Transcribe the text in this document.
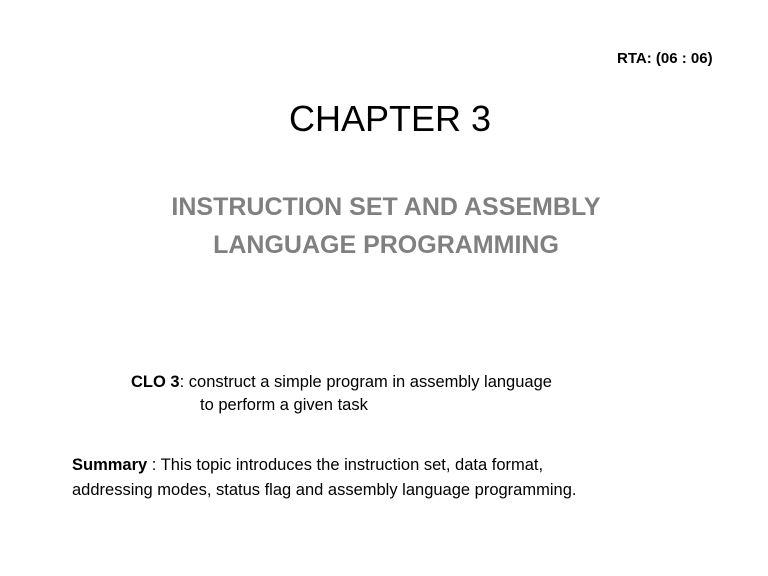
RTA: (06 : 06)
CHAPTER 3
INSTRUCTION SET AND ASSEMBLY
LANGUAGE PROGRAMMING
CLO 3: construct a simple program in assembly language
to perform a given task
Summary : This topic introduces the instruction set, data format,
addressing modes, status flag and assembly language programming.
